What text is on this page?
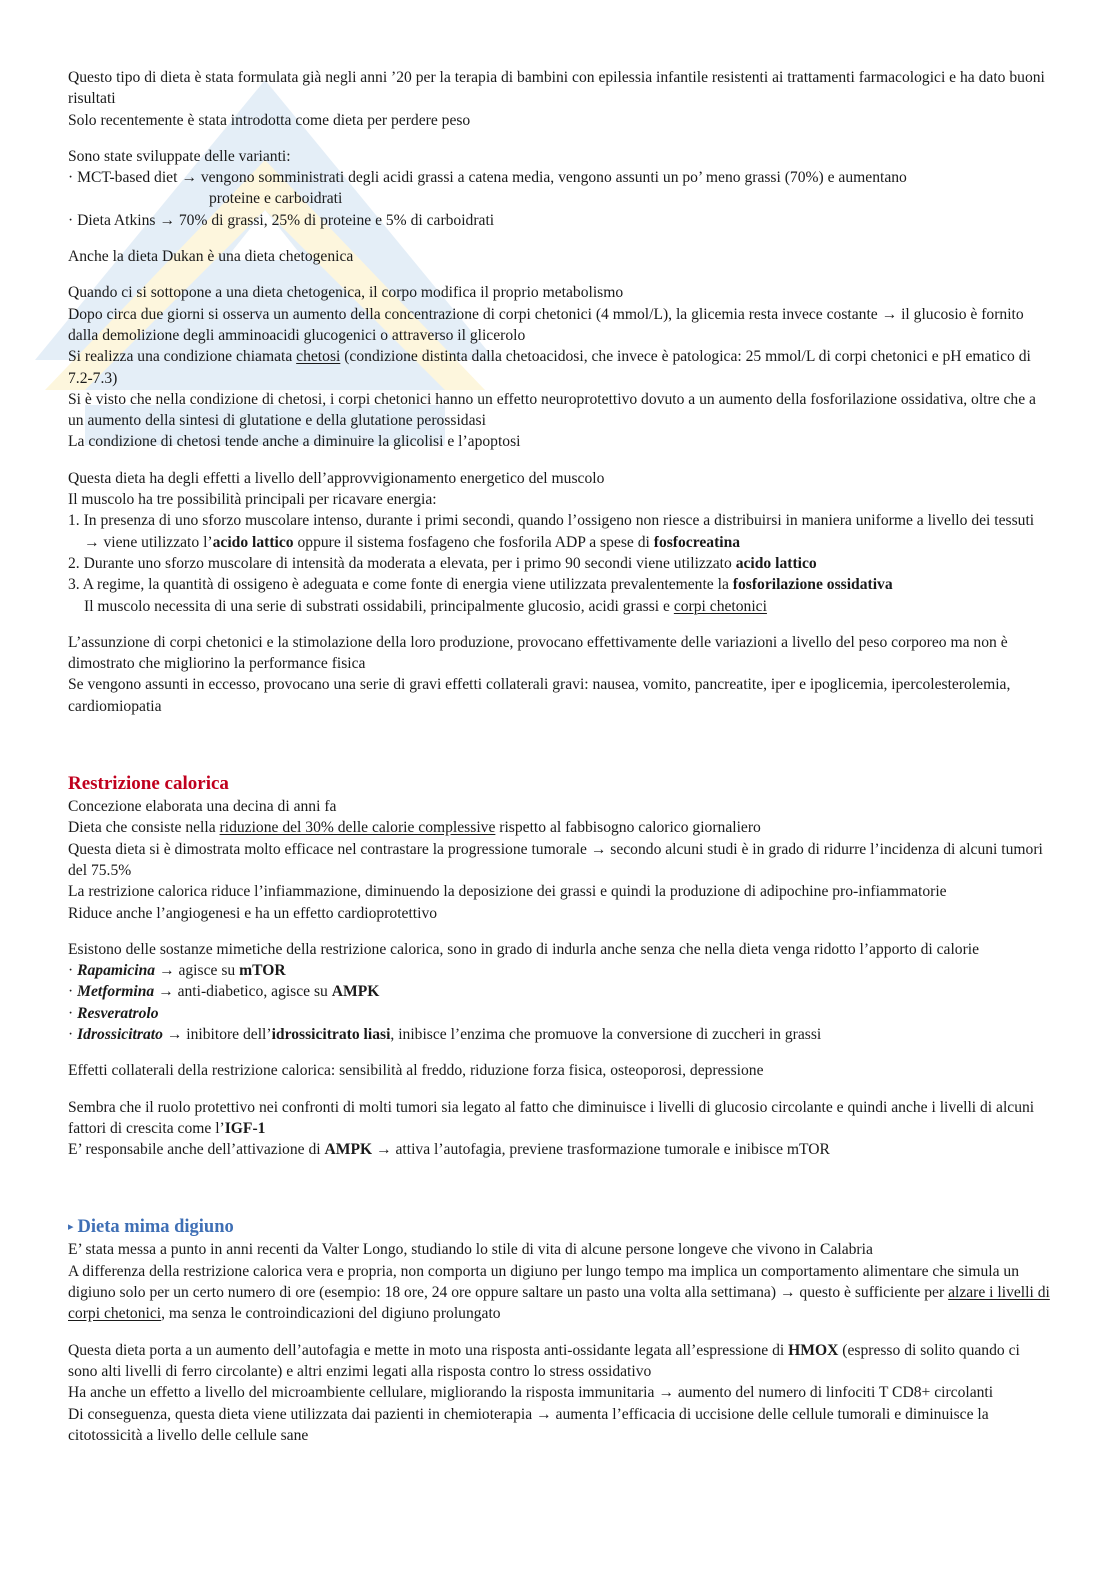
Questo tipo di dieta è stata formulata già negli anni ’20 per la terapia di bambini con epilessia infantile resistenti ai trattamenti farmacologici e ha dato buoni risultati

Solo recentemente è stata introdotta come dieta per perdere peso

Sono state sviluppate delle varianti:

· MCT-based diet → vengono somministrati degli acidi grassi a catena media, vengono assunti un po’ meno grassi (70%) e aumentano

proteine e carboidrati

· Dieta Atkins → 70% di grassi, 25% di proteine e 5% di carboidrati

Anche la dieta Dukan è una dieta chetogenica

Quando ci si sottopone a una dieta chetogenica, il corpo modifica il proprio metabolismo

Dopo circa due giorni si osserva un aumento della concentrazione di corpi chetonici (4 mmol/L), la glicemia resta invece costante → il glucosio è fornito dalla demolizione degli amminoacidi glucogenici o attraverso il glicerolo

Si realizza una condizione chiamata chetosi (condizione distinta dalla chetoacidosi, che invece è patologica: 25 mmol/L di corpi chetonici e pH ematico di 7.2-7.3)

Si è visto che nella condizione di chetosi, i corpi chetonici hanno un effetto neuroprotettivo dovuto a un aumento della fosforilazione ossidativa, oltre che a un aumento della sintesi di glutatione e della glutatione perossidasi

La condizione di chetosi tende anche a diminuire la glicolisi e l’apoptosi

Questa dieta ha degli effetti a livello dell’approvvigionamento energetico del muscolo

Il muscolo ha tre possibilità principali per ricavare energia:

1. In presenza di uno sforzo muscolare intenso, durante i primi secondi, quando l’ossigeno non riesce a distribuirsi in maniera uniforme a livello dei tessuti → viene utilizzato l’acido lattico oppure il sistema fosfageno che fosforila ADP a spese di fosfocreatina

2. Durante uno sforzo muscolare di intensità da moderata a elevata, per i primo 90 secondi viene utilizzato acido lattico

3. A regime, la quantità di ossigeno è adeguata e come fonte di energia viene utilizzata prevalentemente la fosforilazione ossidativa

Il muscolo necessita di una serie di substrati ossidabili, principalmente glucosio, acidi grassi e corpi chetonici

L’assunzione di corpi chetonici e la stimolazione della loro produzione, provocano effettivamente delle variazioni a livello del peso corporeo ma non è dimostrato che migliorino la performance fisica

Se vengono assunti in eccesso, provocano una serie di gravi effetti collaterali gravi: nausea, vomito, pancreatite, iper e ipoglicemia, ipercolesterolemia, cardiomiopatia

Restrizione calorica

Concezione elaborata una decina di anni fa

Dieta che consiste nella riduzione del 30% delle calorie complessive rispetto al fabbisogno calorico giornaliero

Questa dieta si è dimostrata molto efficace nel contrastare la progressione tumorale → secondo alcuni studi è in grado di ridurre l’incidenza di alcuni tumori del 75.5%

La restrizione calorica riduce l’infiammazione, diminuendo la deposizione dei grassi e quindi la produzione di adipochine pro-infiammatorie

Riduce anche l’angiogenesi e ha un effetto cardioprotettivo

Esistono delle sostanze mimetiche della restrizione calorica, sono in grado di indurla anche senza che nella dieta venga ridotto l’apporto di calorie

· Rapamicina → agisce su mTOR

· Metformina → anti-diabetico, agisce su AMPK

· Resveratrolo

· Idrossicitrato → inibitore dell’idrossicitrato liasi, inibisce l’enzima che promuove la conversione di zuccheri in grassi

Effetti collaterali della restrizione calorica: sensibilità al freddo, riduzione forza fisica, osteoporosi, depressione

Sembra che il ruolo protettivo nei confronti di molti tumori sia legato al fatto che diminuisce i livelli di glucosio circolante e quindi anche i livelli di alcuni fattori di crescita come l’IGF-1

E’ responsabile anche dell’attivazione di AMPK → attiva l’autofagia, previene trasformazione tumorale e inibisce mTOR

▸ Dieta mima digiuno

E’ stata messa a punto in anni recenti da Valter Longo, studiando lo stile di vita di alcune persone longeve che vivono in Calabria

A differenza della restrizione calorica vera e propria, non comporta un digiuno per lungo tempo ma implica un comportamento alimentare che simula un digiuno solo per un certo numero di ore (esempio: 18 ore, 24 ore oppure saltare un pasto una volta alla settimana) → questo è sufficiente per alzare i livelli di corpi chetonici, ma senza le controindicazioni del digiuno prolungato

Questa dieta porta a un aumento dell’autofagia e mette in moto una risposta anti-ossidante legata all’espressione di HMOX (espresso di solito quando ci sono alti livelli di ferro circolante) e altri enzimi legati alla risposta contro lo stress ossidativo

Ha anche un effetto a livello del microambiente cellulare, migliorando la risposta immunitaria → aumento del numero di linfociti T CD8+ circolanti

Di conseguenza, questa dieta viene utilizzata dai pazienti in chemioterapia → aumenta l’efficacia di uccisione delle cellule tumorali e diminuisce la citotossicità a livello delle cellule sane
